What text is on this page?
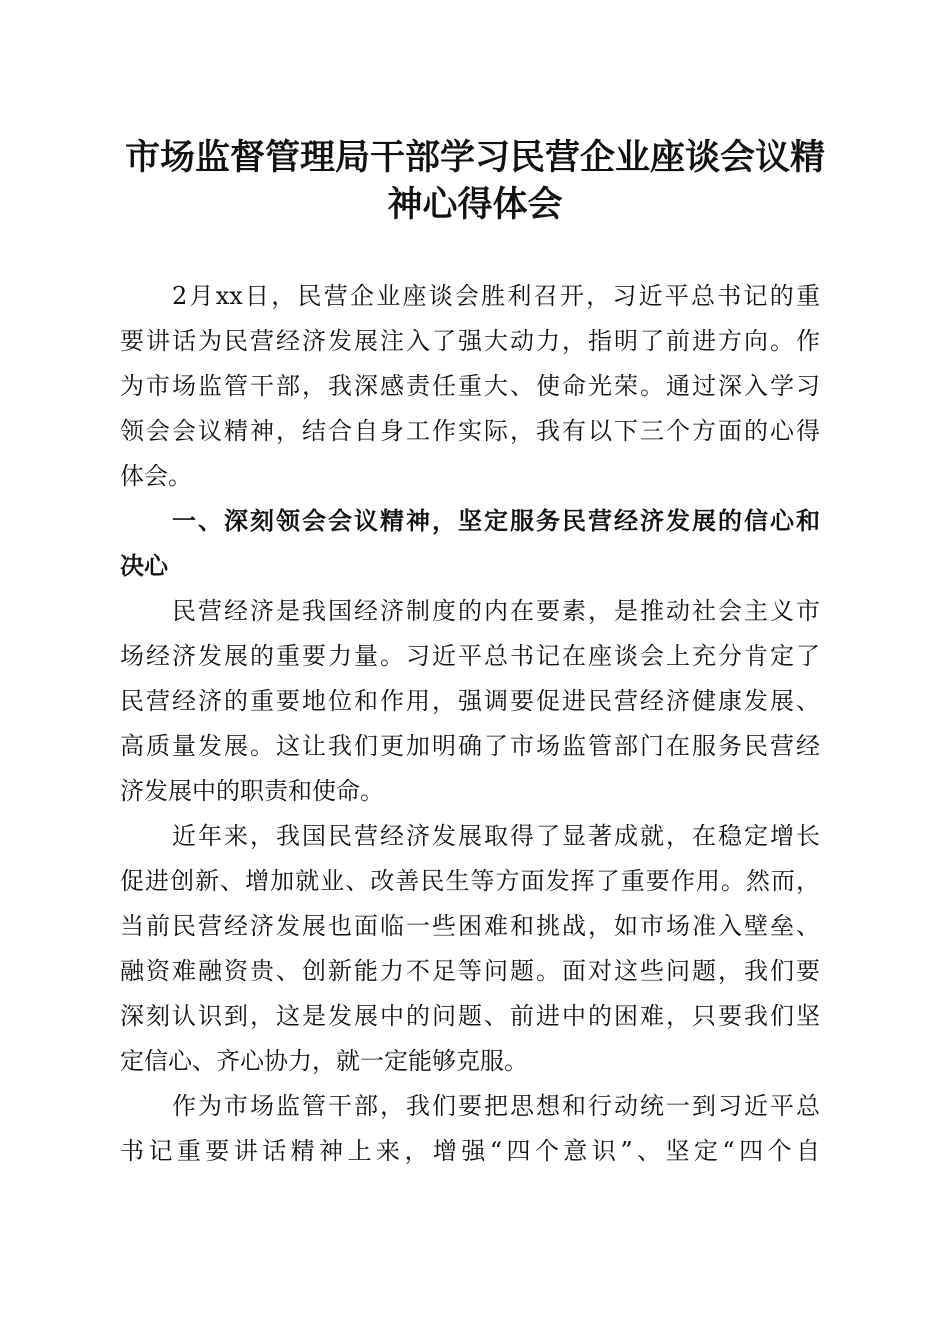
市场监督管理局干部学习民营企业座谈会议精
神心得体会
2月xx日，民营企业座谈会胜利召开，习近平总书记的重
要讲话为民营经济发展注入了强大动力，指明了前进方向。作
为市场监管干部，我深感责任重大、使命光荣。通过深入学习
领会会议精神，结合自身工作实际，我有以下三个方面的心得
体会。
一、深刻领会会议精神，坚定服务民营经济发展的信心和
决心
民营经济是我国经济制度的内在要素，是推动社会主义市
场经济发展的重要力量。习近平总书记在座谈会上充分肯定了
民营经济的重要地位和作用，强调要促进民营经济健康发展、
高质量发展。这让我们更加明确了市场监管部门在服务民营经
济发展中的职责和使命。
近年来，我国民营经济发展取得了显著成就，在稳定增长
促进创新、增加就业、改善民生等方面发挥了重要作用。然而，
当前民营经济发展也面临一些困难和挑战，如市场准入壁垒、
融资难融资贵、创新能力不足等问题。面对这些问题，我们要
深刻认识到，这是发展中的问题、前进中的困难，只要我们坚
定信心、齐心协力，就一定能够克服。
作为市场监管干部，我们要把思想和行动统一到习近平总
书记重要讲话精神上来，增强“四个意识”、坚定“四个自
